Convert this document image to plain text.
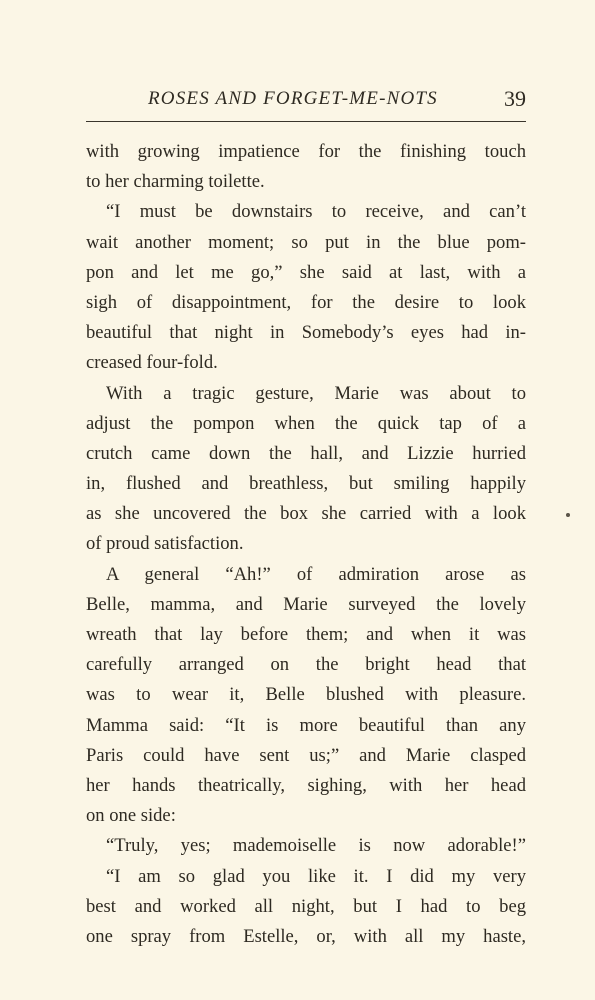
ROSES AND FORGET-ME-NOTS	39
with growing impatience for the finishing touch
to her charming toilette.
“I must be downstairs to receive, and can’t
wait another moment; so put in the blue pom-
pon and let me go,” she said at last, with a
sigh of disappointment, for the desire to look
beautiful that night in Somebody’s eyes had in-
creased four-fold.
With a tragic gesture, Marie was about to
adjust the pompon when the quick tap of a
crutch came down the hall, and Lizzie hurried
in, flushed and breathless, but smiling happily
as she uncovered the box she carried with a look
of proud satisfaction.
A general “Ah!” of admiration arose as
Belle, mamma, and Marie surveyed the lovely
wreath that lay before them; and when it was
carefully arranged on the bright head that
was to wear it, Belle blushed with pleasure.
Mamma said: “It is more beautiful than any
Paris could have sent us;” and Marie clasped
her hands theatrically, sighing, with her head
on one side:
“Truly, yes; mademoiselle is now adorable!”
“I am so glad you like it. I did my very
best and worked all night, but I had to beg
one spray from Estelle, or, with all my haste,
